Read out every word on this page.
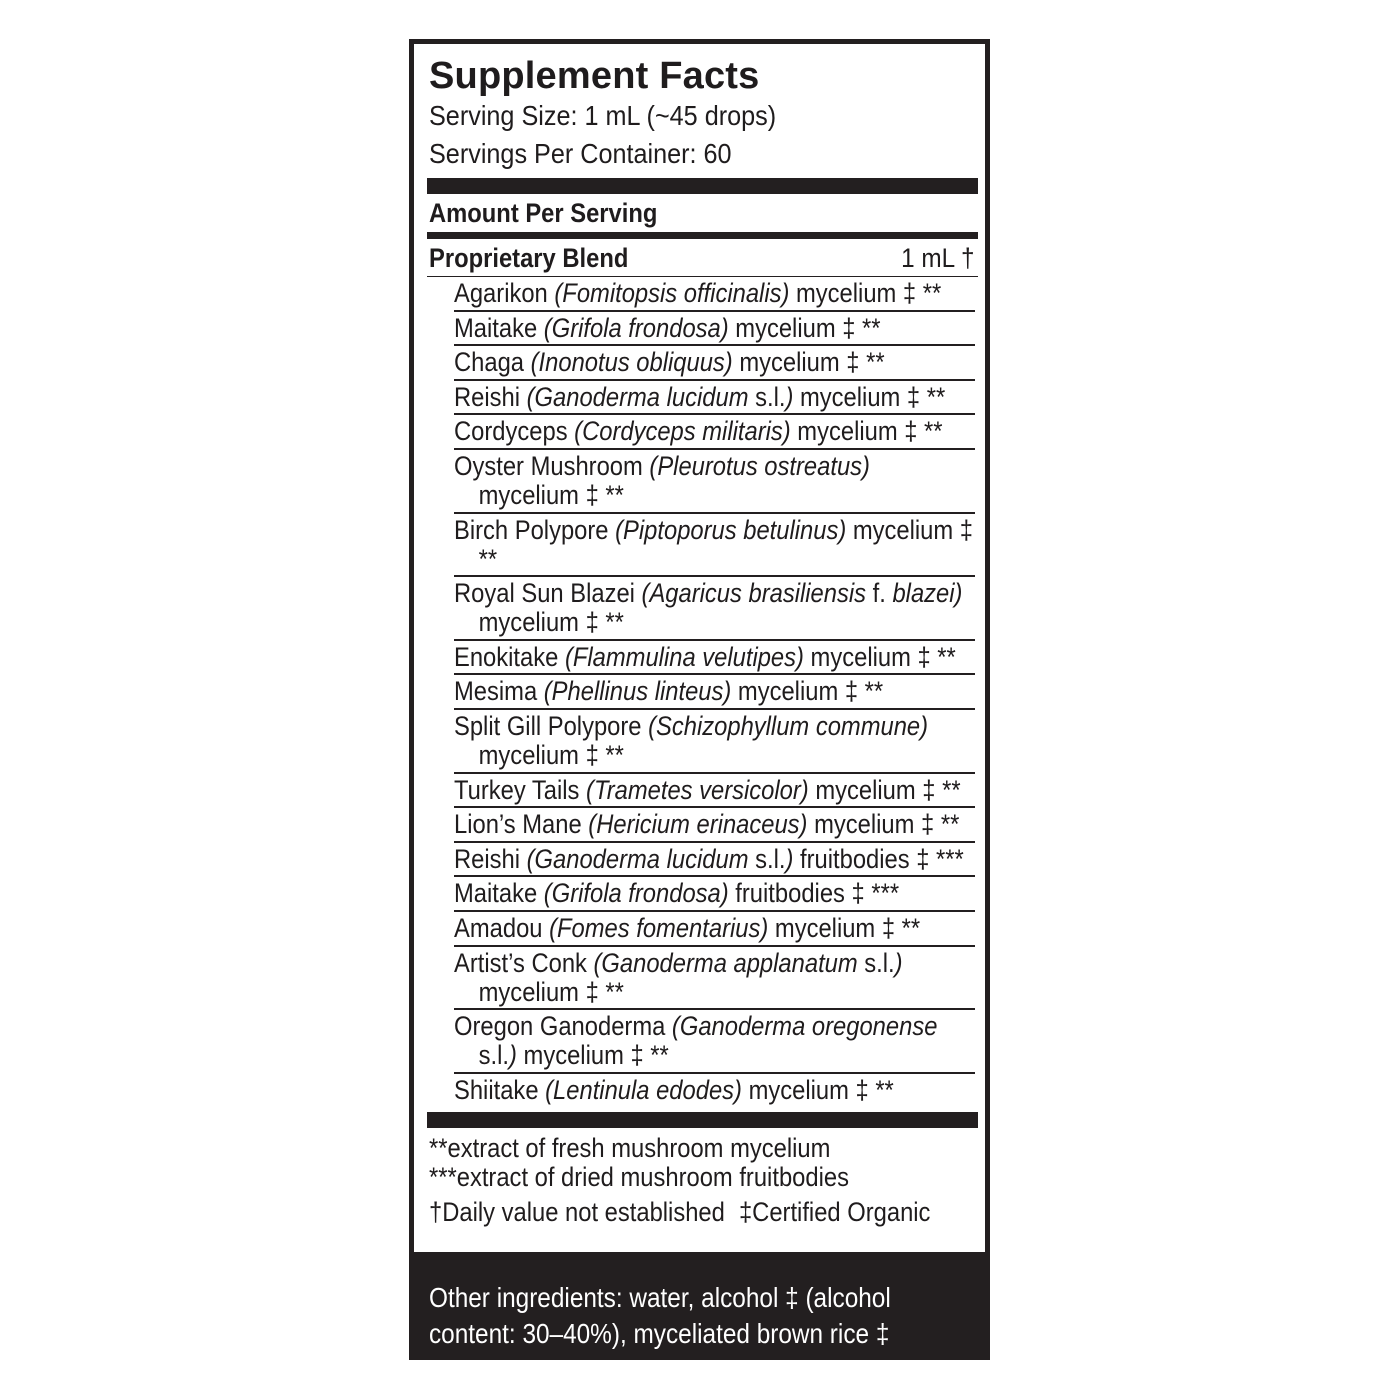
Supplement Facts
Serving Size: 1 mL (~45 drops)
Servings Per Container: 60
Amount Per Serving
Proprietary Blend	1 mL †
Agarikon (Fomitopsis officinalis) mycelium ‡ **
Maitake (Grifola frondosa) mycelium ‡ **
Chaga (Inonotus obliquus) mycelium ‡ **
Reishi (Ganoderma lucidum s.l.) mycelium ‡ **
Cordyceps (Cordyceps militaris) mycelium ‡ **
Oyster Mushroom (Pleurotus ostreatus) mycelium ‡ **
Birch Polypore (Piptoporus betulinus) mycelium ‡ **
Royal Sun Blazei (Agaricus brasiliensis f. blazei) mycelium ‡ **
Enokitake (Flammulina velutipes) mycelium ‡ **
Mesima (Phellinus linteus) mycelium ‡ **
Split Gill Polypore (Schizophyllum commune) mycelium ‡ **
Turkey Tails (Trametes versicolor) mycelium ‡ **
Lion’s Mane (Hericium erinaceus) mycelium ‡ **
Reishi (Ganoderma lucidum s.l.) fruitbodies ‡ ***
Maitake (Grifola frondosa) fruitbodies ‡ ***
Amadou (Fomes fomentarius) mycelium ‡ **
Artist’s Conk (Ganoderma applanatum s.l.) mycelium ‡ **
Oregon Ganoderma (Ganoderma oregonense s.l.) mycelium ‡ **
Shiitake (Lentinula edodes) mycelium ‡ **
**extract of fresh mushroom mycelium
***extract of dried mushroom fruitbodies
†Daily value not established ‡Certified Organic
Other ingredients: water, alcohol ‡ (alcohol content: 30–40%), myceliated brown rice ‡
